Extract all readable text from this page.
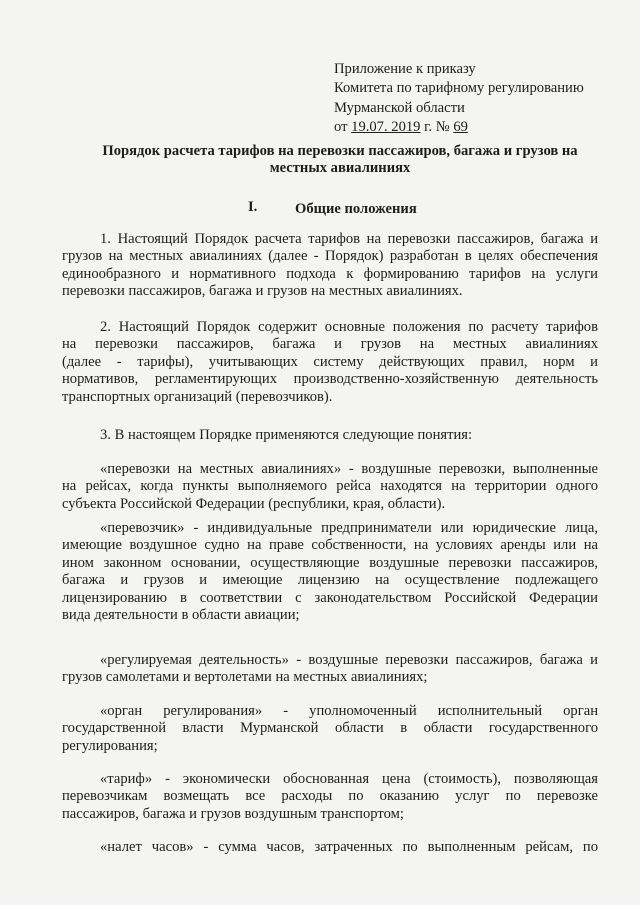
Приложение к приказу
Комитета по тарифному регулированию
Мурманской области
от 19.07. 2019 г. № 69
Порядок расчета тарифов на перевозки пассажиров, багажа и грузов на
местных авиалиниях
I.	Общие положения
1. Настоящий Порядок расчета тарифов на перевозки пассажиров, багажа и
грузов на местных авиалиниях (далее - Порядок) разработан в целях обеспечения
единообразного и нормативного подхода к формированию тарифов на услуги
перевозки пассажиров, багажа и грузов на местных авиалиниях.
2. Настоящий Порядок содержит основные положения по расчету тарифов
на перевозки пассажиров, багажа и грузов на местных авиалиниях
(далее - тарифы), учитывающих систему действующих правил, норм и
нормативов, регламентирующих производственно-хозяйственную деятельность
транспортных организаций (перевозчиков).
3. В настоящем Порядке применяются следующие понятия:
«перевозки на местных авиалиниях» - воздушные перевозки, выполненные
на рейсах, когда пункты выполняемого рейса находятся на территории одного
субъекта Российской Федерации (республики, края, области).
«перевозчик» - индивидуальные предприниматели или юридические лица,
имеющие воздушное судно на праве собственности, на условиях аренды или на
ином законном основании, осуществляющие воздушные перевозки пассажиров,
багажа и грузов и имеющие лицензию на осуществление подлежащего
лицензированию в соответствии с законодательством Российской Федерации
вида деятельности в области авиации;
«регулируемая деятельность» - воздушные перевозки пассажиров, багажа и
грузов самолетами и вертолетами на местных авиалиниях;
«орган регулирования» - уполномоченный исполнительный орган
государственной власти Мурманской области в области государственного
регулирования;
«тариф» - экономически обоснованная цена (стоимость), позволяющая
перевозчикам возмещать все расходы по оказанию услуг по перевозке
пассажиров, багажа и грузов воздушным транспортом;
«налет часов» - сумма часов, затраченных по выполненным рейсам, по
